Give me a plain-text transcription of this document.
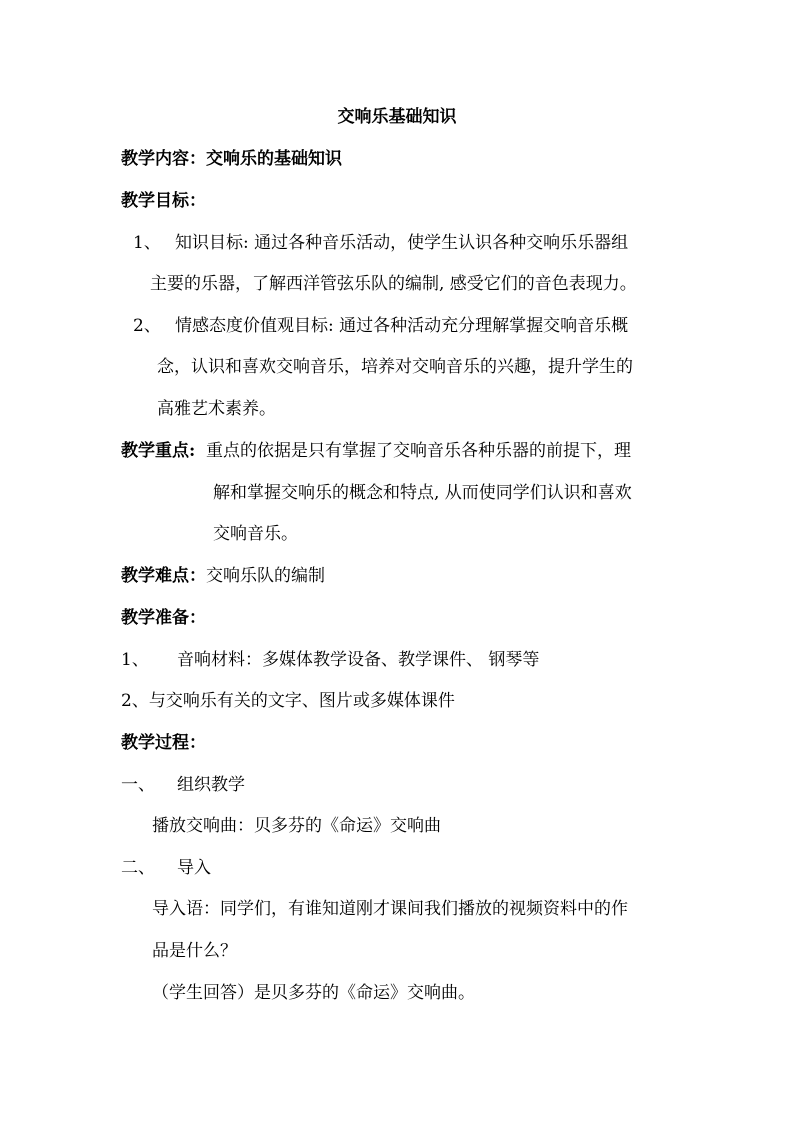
交响乐基础知识
教学内容：交响乐的基础知识
教学目标：
1、 知识目标: 通过各种音乐活动，使学生认识各种交响乐乐器组
主要的乐器，了解西洋管弦乐队的编制, 感受它们的音色表现力。
2、 情感态度价值观目标: 通过各种活动充分理解掌握交响音乐概
念，认识和喜欢交响音乐，培养对交响音乐的兴趣，提升学生的
高雅艺术素养。
教学重点: 重点的依据是只有掌握了交响音乐各种乐器的前提下，理
解和掌握交响乐的概念和特点, 从而使同学们认识和喜欢
交响音乐。
教学难点：交响乐队的编制
教学准备：
1、 音响材料：多媒体教学设备、教学课件、 钢琴等
2、与交响乐有关的文字、图片或多媒体课件
教学过程：
一、 组织教学
播放交响曲：贝多芬的《命运》交响曲
二、 导入
导入语：同学们，有谁知道刚才课间我们播放的视频资料中的作
品是什么？
（学生回答）是贝多芬的《命运》交响曲。
